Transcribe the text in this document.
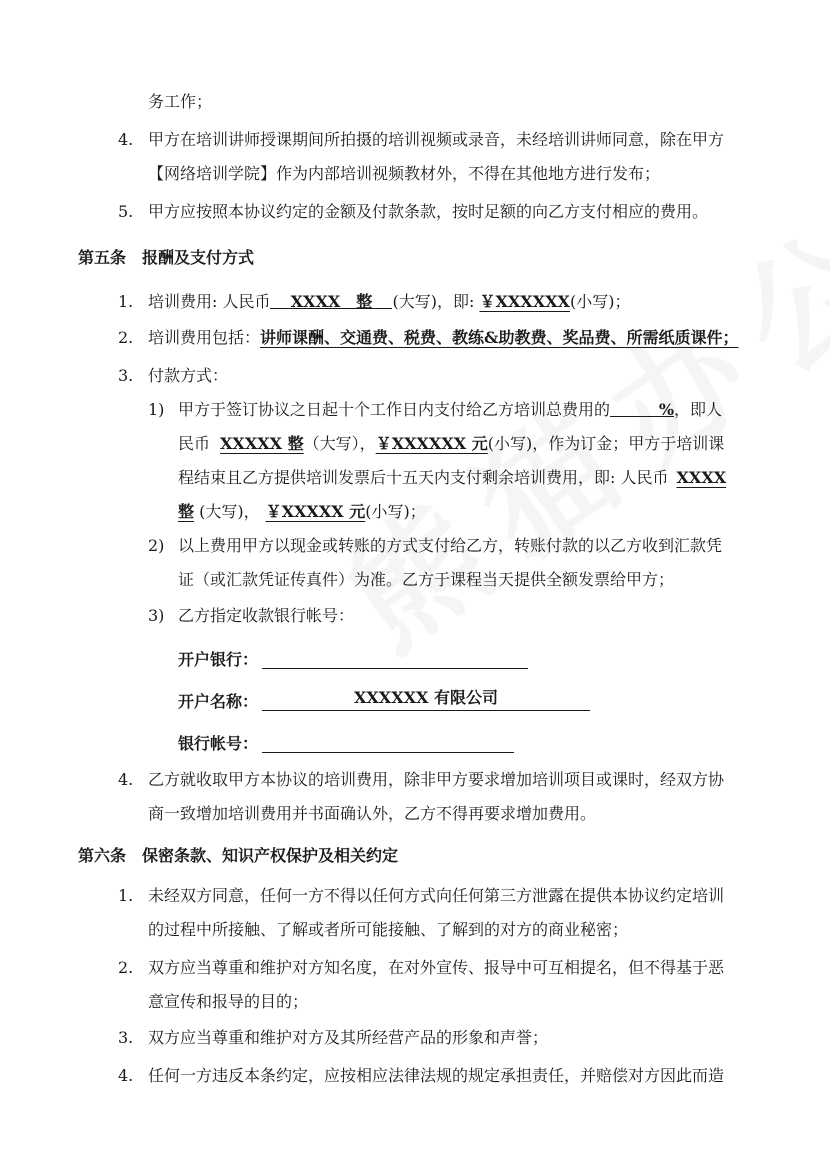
务工作；
4. 甲方在培训讲师授课期间所拍摄的培训视频或录音，未经培训讲师同意，除在甲方
【网络培训学院】作为内部培训视频教材外，不得在其他地方进行发布；
5. 甲方应按照本协议约定的金额及付款条款，按时足额的向乙方支付相应的费用。
第五条　报酬及支付方式
1. 培训费用: 人民币 XXXX　整 (大写)，即: ￥XXXXXX(小写)；
2. 培训费用包括：讲师课酬、交通费、税费、教练&助教费、奖品费、所需纸质课件；
3. 付款方式：
1) 甲方于签订协议之日起十个工作日内支付给乙方培训总费用的	%，即人
民币 XXXXX 整（大写），￥XXXXXX 元(小写)，作为订金；甲方于培训课
程结束且乙方提供培训发票后十五天内支付剩余培训费用，即: 人民币 XXXX
整 (大写)， ￥XXXXX 元(小写)；
2) 以上费用甲方以现金或转账的方式支付给乙方，转账付款的以乙方收到汇款凭
证（或汇款凭证传真件）为准。乙方于课程当天提供全额发票给甲方；
3) 乙方指定收款银行帐号：
开户银行：
开户名称：	XXXXXX 有限公司
银行帐号：
4. 乙方就收取甲方本协议的培训费用，除非甲方要求增加培训项目或课时，经双方协
商一致增加培训费用并书面确认外，乙方不得再要求增加费用。
第六条　保密条款、知识产权保护及相关约定
1. 未经双方同意，任何一方不得以任何方式向任何第三方泄露在提供本协议约定培训
的过程中所接触、了解或者所可能接触、了解到的对方的商业秘密；
2. 双方应当尊重和维护对方知名度，在对外宣传、报导中可互相提名，但不得基于恶
意宣传和报导的目的；
3. 双方应当尊重和维护对方及其所经营产品的形象和声誉；
4. 任何一方违反本条约定，应按相应法律法规的规定承担责任，并赔偿对方因此而造
